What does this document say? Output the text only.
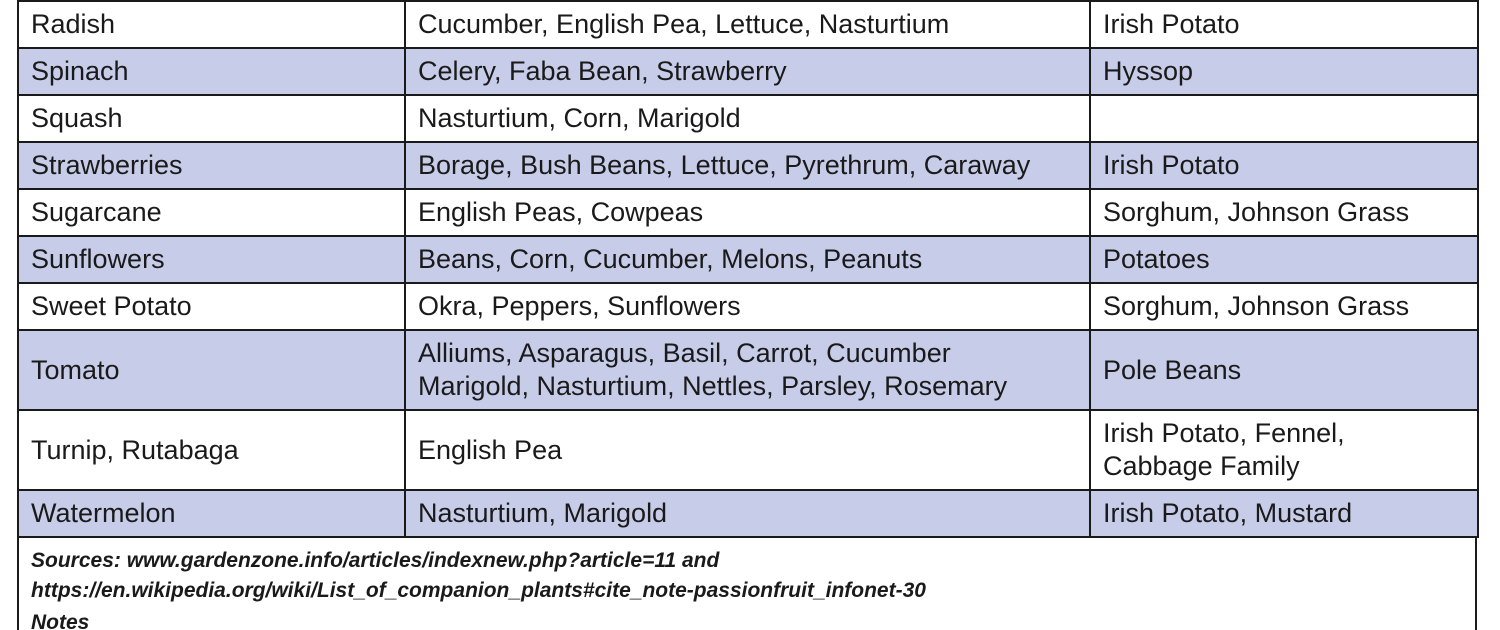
Radish	Cucumber, English Pea, Lettuce, Nasturtium	Irish Potato

Spinach	Celery, Faba Bean, Strawberry	Hyssop

Squash	Nasturtium, Corn, Marigold	

Strawberries	Borage, Bush Beans, Lettuce, Pyrethrum, Caraway	Irish Potato

Sugarcane	English Peas, Cowpeas	Sorghum, Johnson Grass

Sunflowers	Beans, Corn, Cucumber, Melons, Peanuts	Potatoes

Sweet Potato	Okra, Peppers, Sunflowers	Sorghum, Johnson Grass

Tomato	Alliums, Asparagus, Basil, Carrot, Cucumber
Marigold, Nasturtium, Nettles, Parsley, Rosemary	Pole Beans

Turnip, Rutabaga	English Pea	Irish Potato, Fennel,
Cabbage Family

Watermelon	Nasturtium, Marigold	Irish Potato, Mustard
Sources: www.gardenzone.info/articles/indexnew.php?article=11 and
https://en.wikipedia.org/wiki/List_of_companion_plants#cite_note-passionfruit_infonet-30
Notes
